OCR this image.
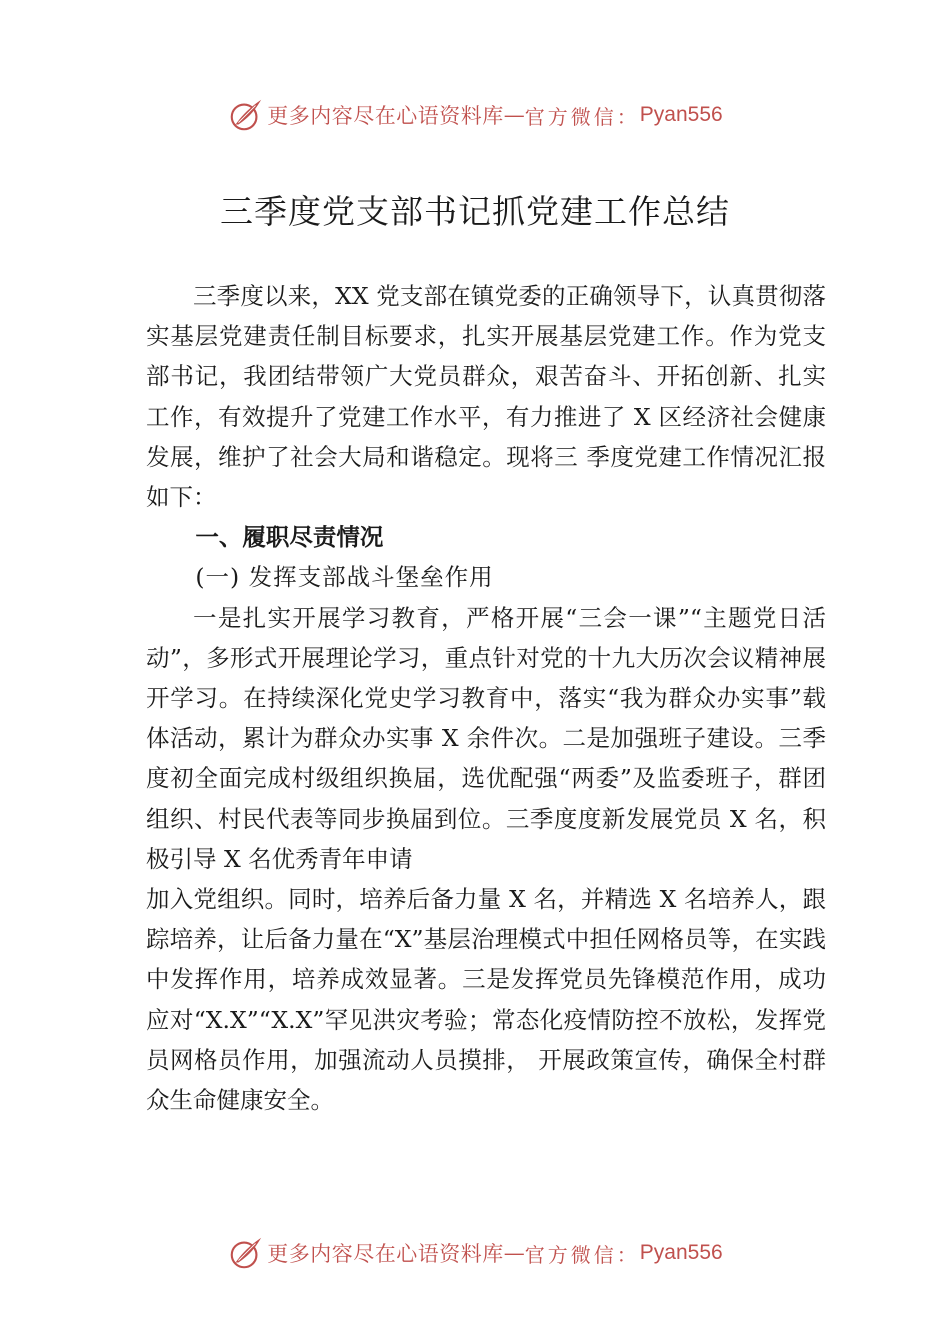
更多内容尽在心语资料库 — 官方微信： Pyan556
三季度党支部书记抓党建工作总结

三季度以来，XX 党支部在镇党委的正确领导下，认真贯彻落实基层党建责任制目标要求，扎实开展基层党建工作。作为党支部书记，我团结带领广大党员群众，艰苦奋斗、开拓创新、扎实工作，有效提升了党建工作水平，有力推进了 X 区经济社会健康发展，维护了社会大局和谐稳定。现将三 季度党建工作情况汇报如下：

一、履职尽责情况

(一) 发挥支部战斗堡垒作用

一是扎实开展学习教育，严格开展“三会一课”“主题党日活动”，多形式开展理论学习，重点针对党的十九大历次会议精神展开学习。在持续深化党史学习教育中，落实“我为群众办实事”载体活动，累计为群众办实事 X 余件次。二是加强班子建设。三季度初全面完成村级组织换届，选优配强“两委”及监委班子，群团组织、村民代表等同步换届到位。三季度度新发展党员 X 名，积极引导 X 名优秀青年申请

加入党组织。同时，培养后备力量 X 名，并精选 X 名培养人，跟踪培养，让后备力量在“X”基层治理模式中担任网格员等，在实践中发挥作用，培养成效显著。三是发挥党员先锋模范作用，成功应对“X.X”“X.X”罕见洪灾考验；常态化疫情防控不放松，发挥党员网格员作用，加强流动人员摸排， 开展政策宣传，确保全村群众生命健康安全。

更多内容尽在心语资料库 — 官方微信： Pyan556
